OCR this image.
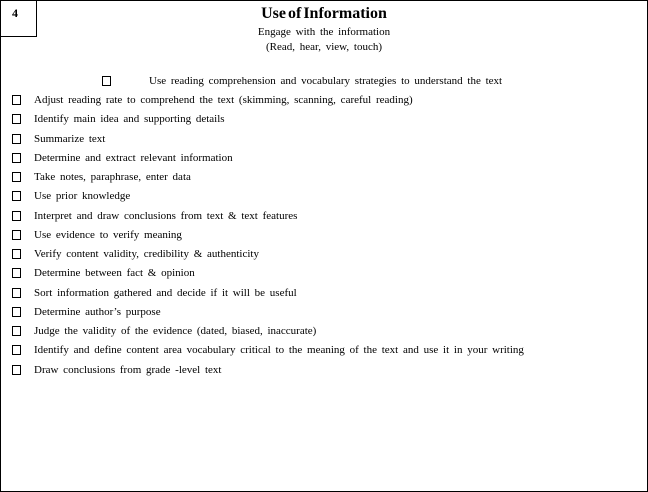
4	Use of Information
Engage with the information
(Read, hear, view, touch)
Use reading comprehension and vocabulary strategies to understand the text
Adjust reading rate to comprehend the text (skimming, scanning, careful reading)
Identify main idea and supporting details
Summarize text
Determine and extract relevant information
Take notes, paraphrase, enter data
Use prior knowledge
Interpret and draw conclusions from text & text features
Use evidence to verify meaning
Verify content validity, credibility & authenticity
Determine between fact & opinion
Sort information gathered and decide if it will be useful
Determine author’s purpose
Judge the validity of the evidence (dated, biased, inaccurate)
Identify and define content area vocabulary critical to the meaning of the text and use it in your writing
Draw conclusions from grade -level text
